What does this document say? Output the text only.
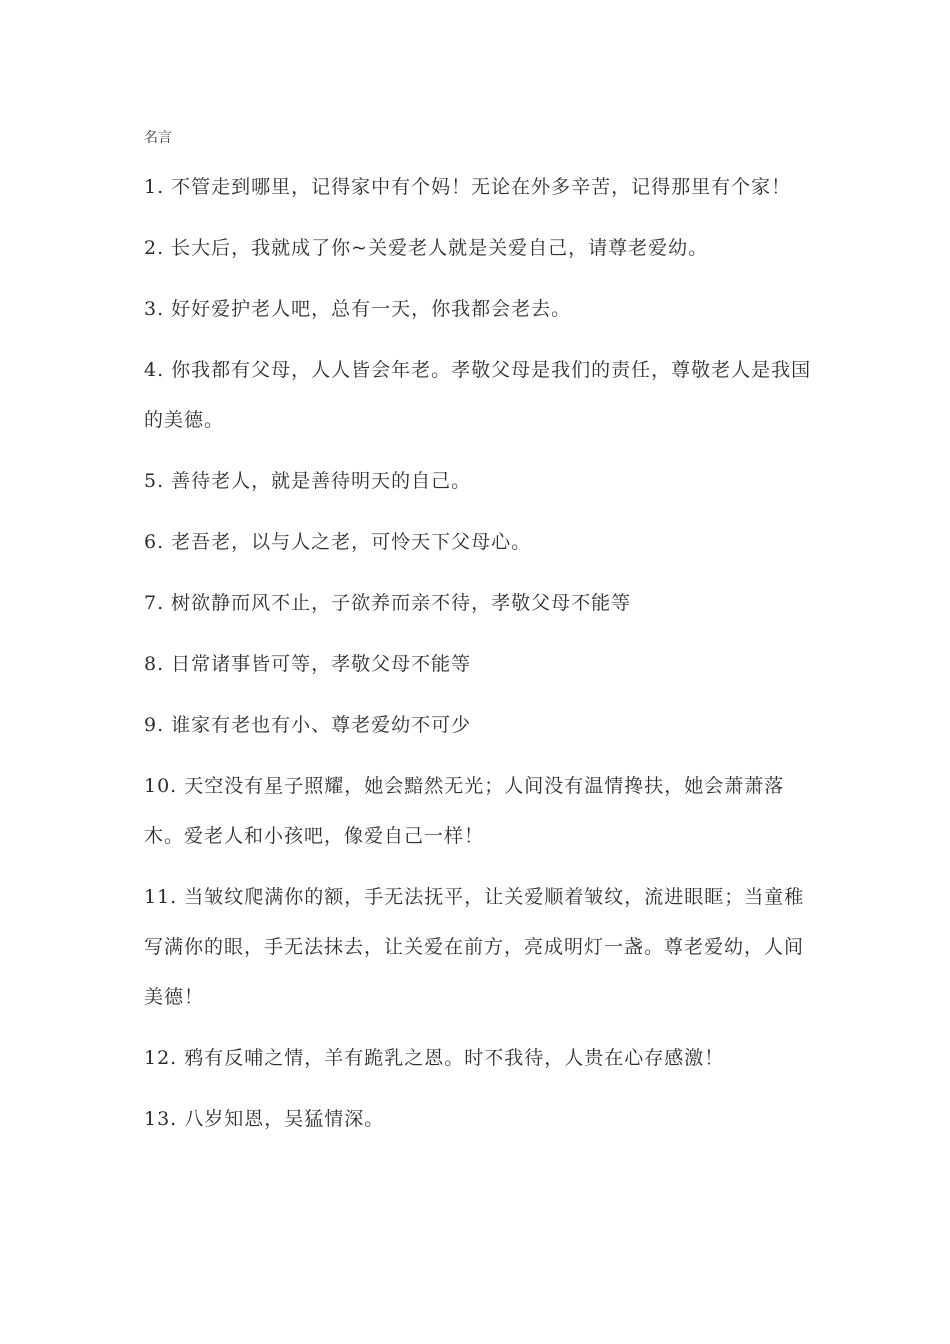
名言
1. 不管走到哪里，记得家中有个妈！无论在外多辛苦，记得那里有个家！
2. 长大后，我就成了你~关爱老人就是关爱自己，请尊老爱幼。
3. 好好爱护老人吧，总有一天，你我都会老去。
4. 你我都有父母，人人皆会年老。孝敬父母是我们的责任，尊敬老人是我国的美德。
5. 善待老人，就是善待明天的自己。
6. 老吾老，以与人之老，可怜天下父母心。
7. 树欲静而风不止，子欲养而亲不待，孝敬父母不能等
8. 日常诸事皆可等，孝敬父母不能等
9. 谁家有老也有小、尊老爱幼不可少
10. 天空没有星子照耀，她会黯然无光；人间没有温情搀扶，她会萧萧落木。爱老人和小孩吧，像爱自己一样！
11. 当皱纹爬满你的额，手无法抚平，让关爱顺着皱纹，流进眼眶；当童稚写满你的眼，手无法抹去，让关爱在前方，亮成明灯一盏。尊老爱幼，人间美德！
12. 鸦有反哺之情，羊有跪乳之恩。时不我待，人贵在心存感激！
13. 八岁知恩，吴猛情深。
